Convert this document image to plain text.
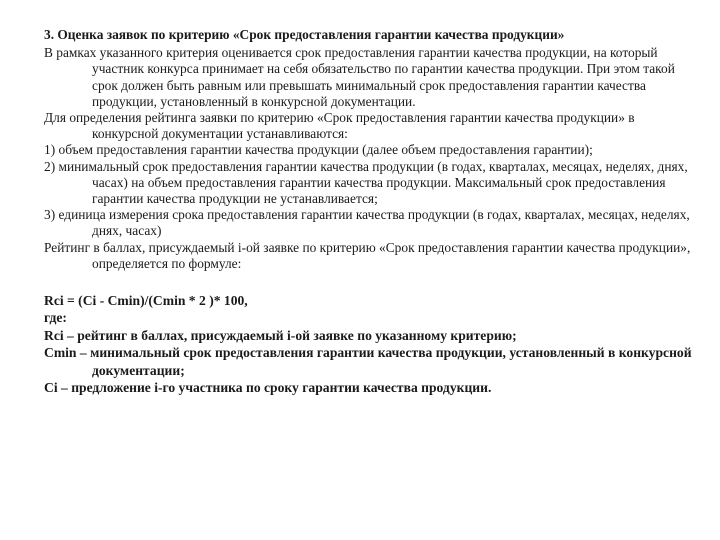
3. Оценка заявок по критерию «Срок предоставления гарантии качества продукции»

В рамках указанного критерия оценивается срок предоставления гарантии качества продукции, на который участник конкурса принимает на себя обязательство по гарантии качества продукции. При этом такой срок должен быть равным или превышать минимальный срок предоставления гарантии качества продукции, установленный в конкурсной документации.

Для определения рейтинга заявки по критерию «Срок предоставления гарантии качества продукции» в конкурсной документации устанавливаются:

1) объем предоставления гарантии качества продукции (далее объем предоставления гарантии);

2) минимальный срок предоставления гарантии качества продукции (в годах, кварталах, месяцах, неделях, днях, часах) на объем предоставления гарантии качества продукции. Максимальный срок предоставления гарантии качества продукции не устанавливается;

3) единица измерения срока предоставления гарантии качества продукции (в годах, кварталах, месяцах, неделях, днях, часах)

Рейтинг в баллах, присуждаемый i-ой заявке по критерию «Срок предоставления гарантии качества продукции», определяется по формуле:

Rci = (Ci - Cmin)/(Cmin * 2 )* 100,

где:

Rci – рейтинг в баллах, присуждаемый i-ой заявке по указанному критерию;

Cmin – минимальный срок предоставления гарантии качества продукции, установленный в конкурсной документации;

Ci – предложение i-го участника по сроку гарантии качества продукции.
